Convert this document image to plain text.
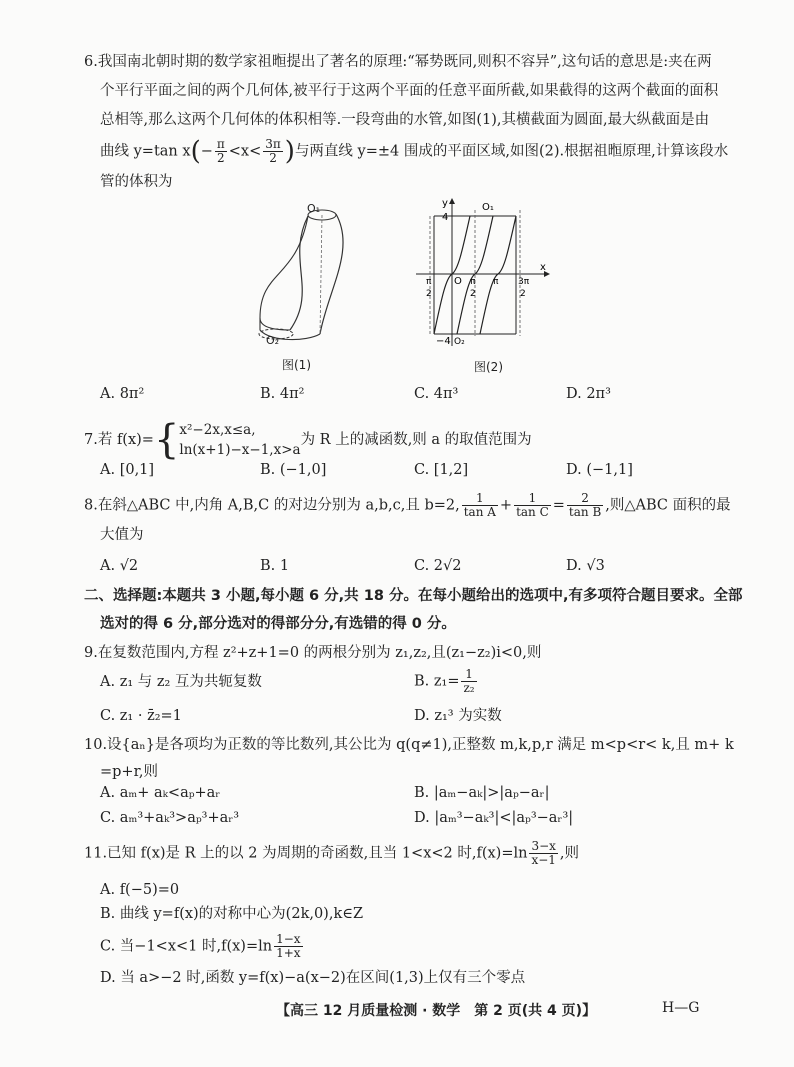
6.我国南北朝时期的数学家祖暅提出了著名的原理:“幂势既同,则积不容异”,这句话的意思是:夹在两
个平行平面之间的两个几何体,被平行于这两个平面的任意平面所截,如果截得的这两个截面的面积
总相等,那么这两个几何体的体积相等.一段弯曲的水管,如图(1),其横截面为圆面,最大纵截面是由
曲线 y=tan $x(- \frac{\pi}{2} <x< \frac{3\pi}{2}$ )与两直线 y=±4 围成的平面区域,如图(2).根据祖暅原理,计算该段水
管的体积为
O₁
O₂
图(1)
y
x
4
−4
O
O₁
O₂
π
2
π
2
π 3π
2
图(2)
A. 8π²	B. 4π²	C. 4π³	D. 2π³
7.若 f(x)={ x²−2x,x≤a,
ln(x+1)−x−1,x>a
为 R 上的减函数,则 a 的取值范围为
A. [0,1]	B. (−1,0]	C. [1,2]	D. (−1,1]
8.在斜△ABC 中,内角 A,B,C 的对边分别为 a,b,c,且 b=2, $\frac{1}{\text{tan A}} + \frac{1}{\text{tan C}} = \frac{2}{\text{tan B}}$ ,则△ABC 面积的最
大值为
A. √2	B. 1	C. 2√2	D. √3
二、选择题:本题共 3 小题,每小题 6 分,共 18 分。在每小题给出的选项中,有多项符合题目要求。全部
选对的得 6 分,部分选对的得部分分,有选错的得 0 分。
9.在复数范围内,方程 z²+z+1=0 的两根分别为 z₁,z₂,且(z₁−z₂)i<0,则
A. z₁ 与 z₂ 互为共轭复数	B. $z_1= \frac{1}{\text{z₂}}$
C. z₁ · z̄₂=1	D. z₁³ 为实数
10.设{aₙ}是各项均为正数的等比数列,其公比为 q(q≠1),正整数 m,k,p,r 满足 m<p<r< k,且 m+ k
=p+r,则
A. aₘ+ aₖ<aₚ+aᵣ	B. |aₘ−aₖ|>|aₚ−aᵣ|
C. aₘ³+aₖ³>aₚ³+aᵣ³	D. |aₘ³−aₖ³|<|aₚ³−aᵣ³|
11.已知 f(x)是 R 上的以 2 为周期的奇函数,且当 1<x<2 时$,f(x)=\ln \frac{3-x}{x-1}$ ,则
A. f(−5)=0
B. 曲线 y=f(x)的对称中心为(2k,0),k∈Z
C. 当−1<x<1 时$,f(x)=\ln \frac{1-x}{1+x}$
D. 当 a>−2 时,函数 y=f(x)−a(x−2)在区间(1,3)上仅有三个零点
【高三 12 月质量检测 · 数学　第 2 页(共 4 页)】	H—G
